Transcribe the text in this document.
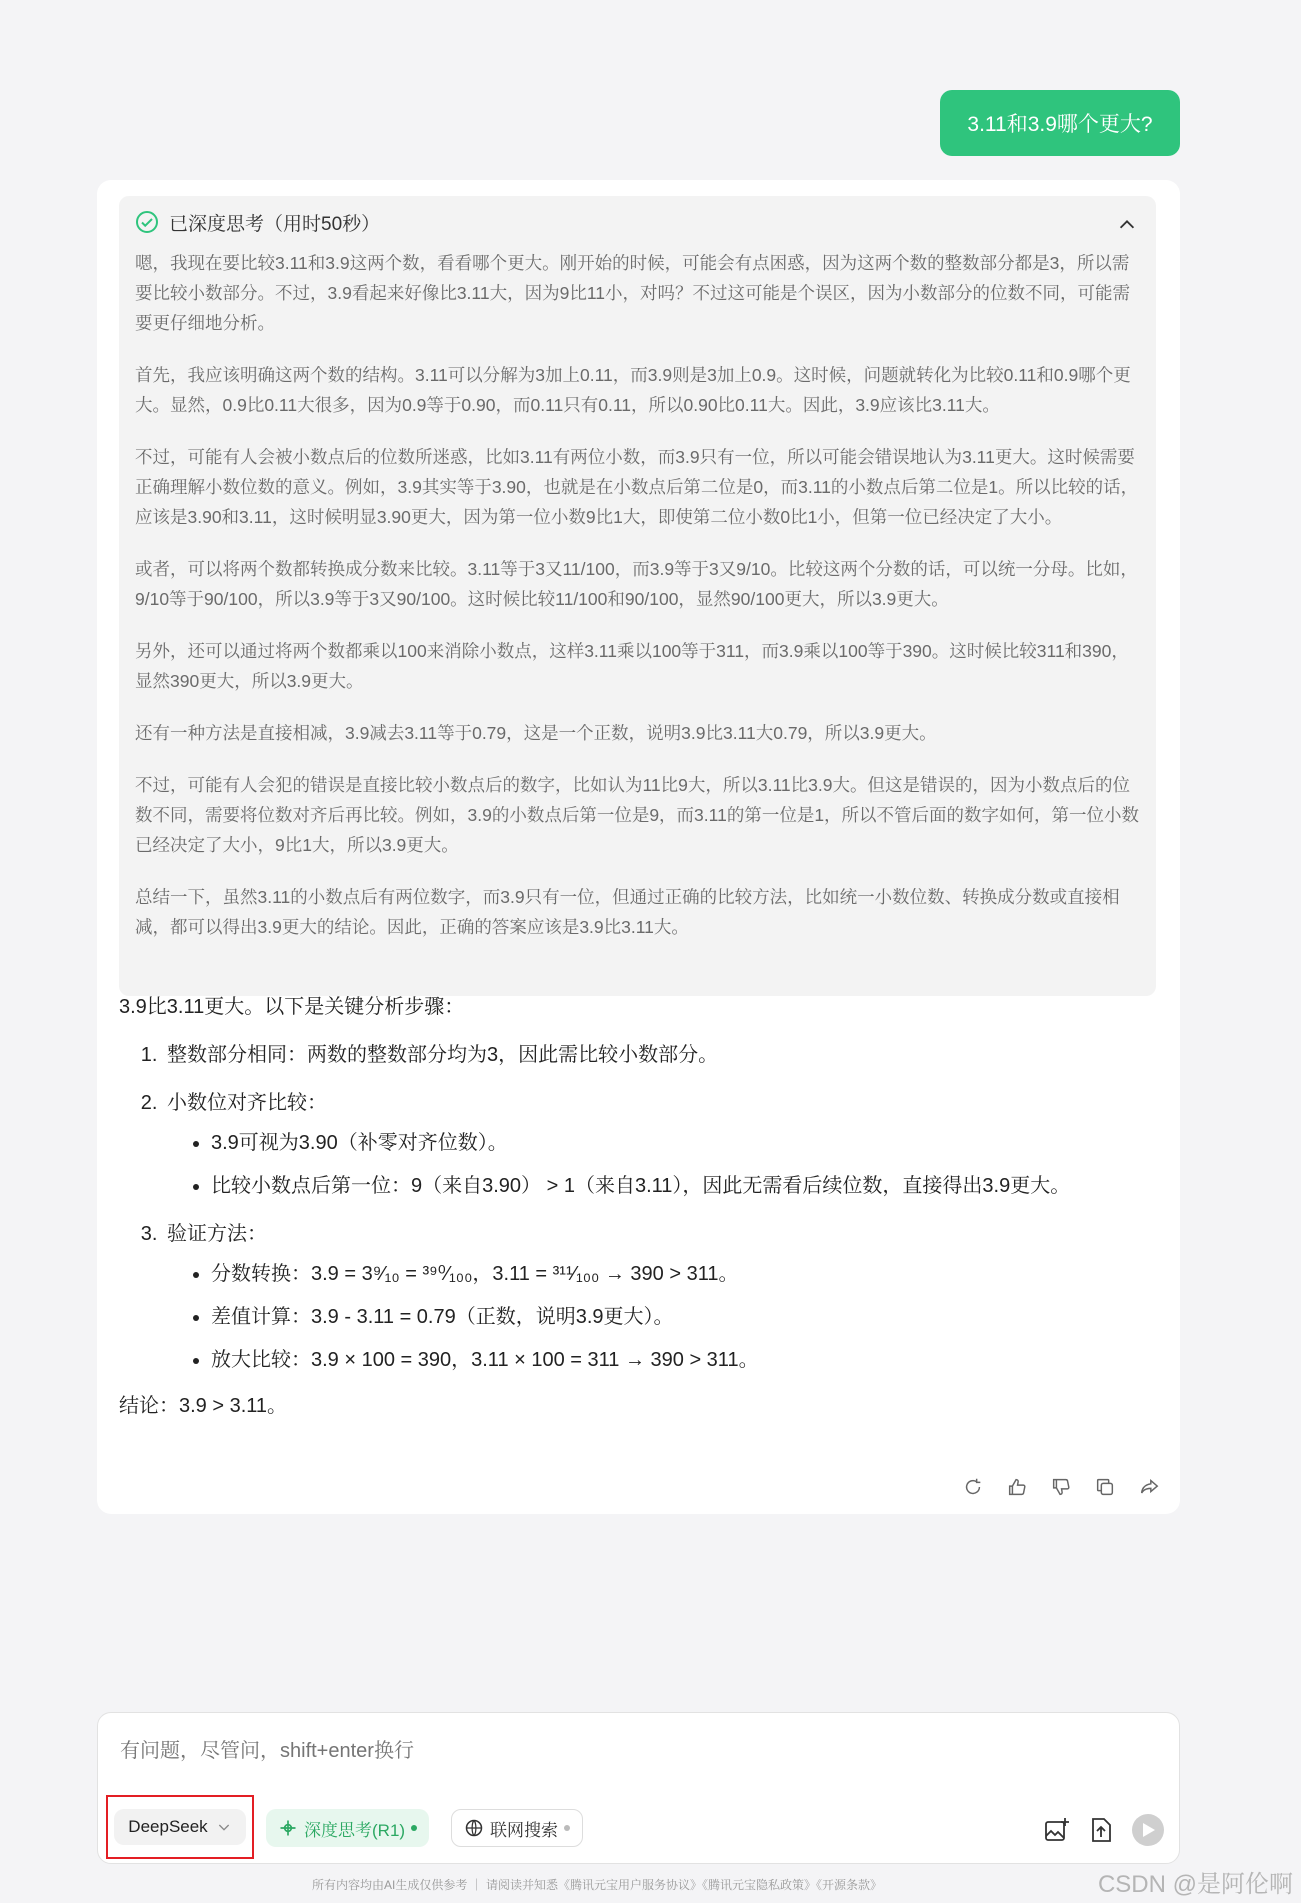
3.11和3.9哪个更大?
已深度思考（用时50秒）

嗯，我现在要比较3.11和3.9这两个数，看看哪个更大。刚开始的时候，可能会有点困惑，因为这两个数的整数部分都是3，所以需要比较小数部分。不过，3.9看起来好像比3.11大，因为9比11小，对吗？不过这可能是个误区，因为小数部分的位数不同，可能需要更仔细地分析。

首先，我应该明确这两个数的结构。3.11可以分解为3加上0.11，而3.9则是3加上0.9。这时候，问题就转化为比较0.11和0.9哪个更大。显然，0.9比0.11大很多，因为0.9等于0.90，而0.11只有0.11，所以0.90比0.11大。因此，3.9应该比3.11大。

不过，可能有人会被小数点后的位数所迷惑，比如3.11有两位小数，而3.9只有一位，所以可能会错误地认为3.11更大。这时候需要正确理解小数位数的意义。例如，3.9其实等于3.90，也就是在小数点后第二位是0，而3.11的小数点后第二位是1。所以比较的话，应该是3.90和3.11，这时候明显3.90更大，因为第一位小数9比1大，即使第二位小数0比1小，但第一位已经决定了大小。

或者，可以将两个数都转换成分数来比较。3.11等于3又11/100，而3.9等于3又9/10。比较这两个分数的话，可以统一分母。比如，9/10等于90/100，所以3.9等于3又90/100。这时候比较11/100和90/100，显然90/100更大，所以3.9更大。

另外，还可以通过将两个数都乘以100来消除小数点，这样3.11乘以100等于311，而3.9乘以100等于390。这时候比较311和390，显然390更大，所以3.9更大。

还有一种方法是直接相减，3.9减去3.11等于0.79，这是一个正数，说明3.9比3.11大0.79，所以3.9更大。

不过，可能有人会犯的错误是直接比较小数点后的数字，比如认为11比9大，所以3.11比3.9大。但这是错误的，因为小数点后的位数不同，需要将位数对齐后再比较。例如，3.9的小数点后第一位是9，而3.11的第一位是1，所以不管后面的数字如何，第一位小数已经决定了大小，9比1大，所以3.9更大。

总结一下，虽然3.11的小数点后有两位数字，而3.9只有一位，但通过正确的比较方法，比如统一小数位数、转换成分数或直接相减，都可以得出3.9更大的结论。因此，正确的答案应该是3.9比3.11大。

3.9比3.11更大。以下是关键分析步骤：

1. 整数部分相同：两数的整数部分均为3，因此需比较小数部分。
2. 小数位对齐比较：
• 3.9可视为3.90（补零对齐位数）。
• 比较小数点后第一位：9（来自3.90） > 1（来自3.11），因此无需看后续位数，直接得出3.9更大。
3. 验证方法：
• 分数转换：3.9 = 3⁹⁄₁₀ = ³⁹⁰⁄₁₀₀，3.11 = ³¹¹⁄₁₀₀ → 390 > 311。
• 差值计算：3.9 - 3.11 = 0.79（正数，说明3.9更大）。
• 放大比较：3.9 × 100 = 390，3.11 × 100 = 311 → 390 > 311。
结论：3.9 > 3.11。
有问题，尽管问，shift+enter换行
DeepSeek	深度思考(R1)	联网搜索
所有内容均由AI生成仅供参考 ｜ 请阅读并知悉《腾讯元宝用户服务协议》《腾讯元宝隐私政策》《开源条款》	CSDN @是阿伦啊
